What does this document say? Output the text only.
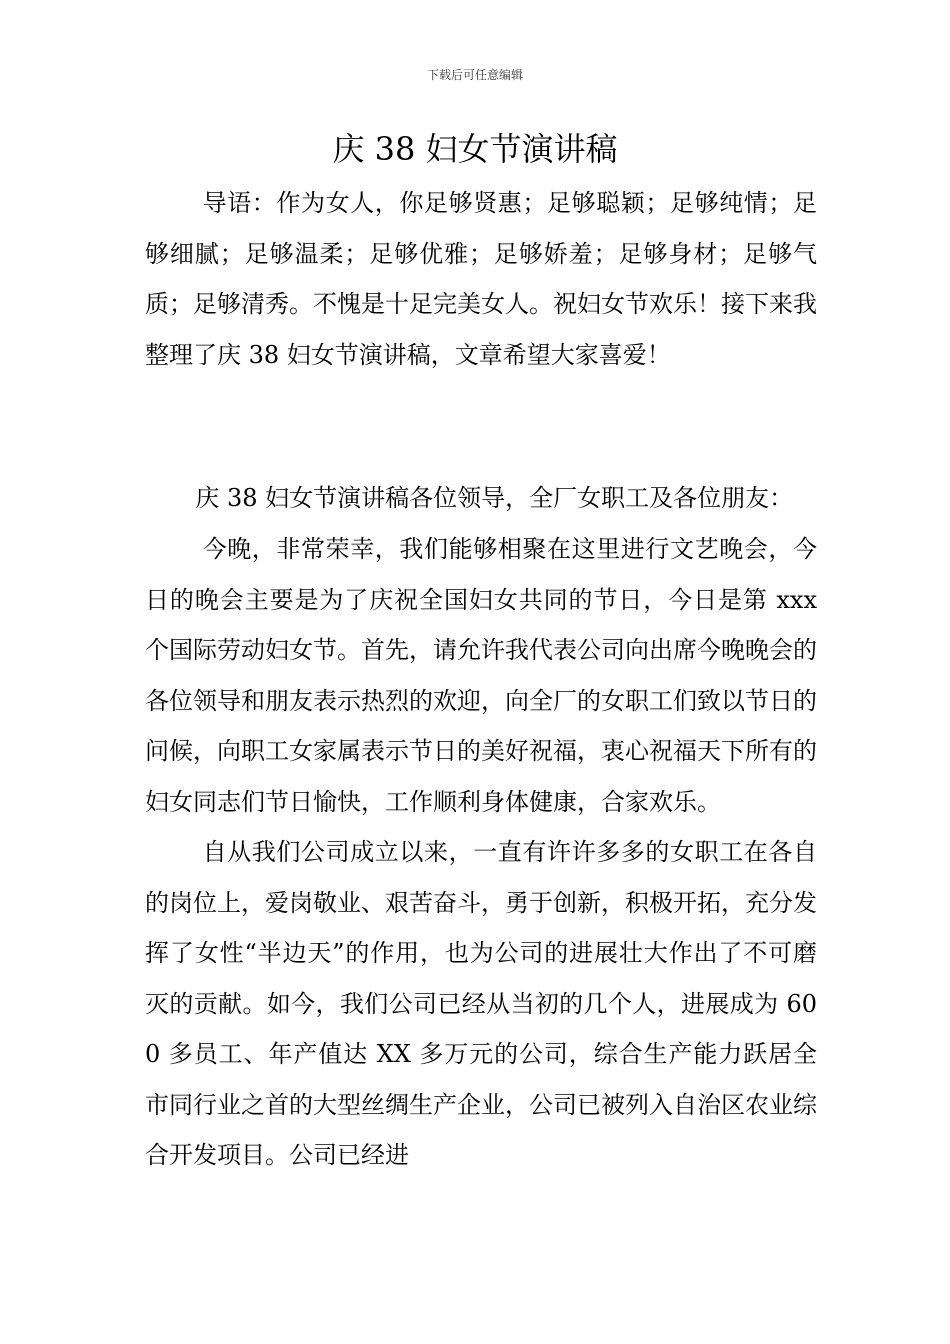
下载后可任意编辑
庆 38 妇女节演讲稿

导语：作为女人，你足够贤惠；足够聪颖；足够纯情；足够细腻；足够温柔；足够优雅；足够娇羞；足够身材；足够气质；足够清秀。不愧是十足完美女人。祝妇女节欢乐！接下来我整理了庆 38 妇女节演讲稿，文章希望大家喜爱！

庆 38 妇女节演讲稿各位领导，全厂女职工及各位朋友：

今晚，非常荣幸，我们能够相聚在这里进行文艺晚会，今日的晚会主要是为了庆祝全国妇女共同的节日，今日是第 xxx 个国际劳动妇女节。首先，请允许我代表公司向出席今晚晚会的各位领导和朋友表示热烈的欢迎，向全厂的女职工们致以节日的问候，向职工女家属表示节日的美好祝福，衷心祝福天下所有的妇女同志们节日愉快，工作顺利身体健康，合家欢乐。

自从我们公司成立以来，一直有许许多多的女职工在各自的岗位上，爱岗敬业、艰苦奋斗，勇于创新，积极开拓，充分发挥了女性“半边天”的作用，也为公司的进展壮大作出了不可磨灭的贡献。如今，我们公司已经从当初的几个人，进展成为 600 多员工、年产值达 XX 多万元的公司，综合生产能力跃居全市同行业之首的大型丝绸生产企业，公司已被列入自治区农业综合开发项目。公司已经进
